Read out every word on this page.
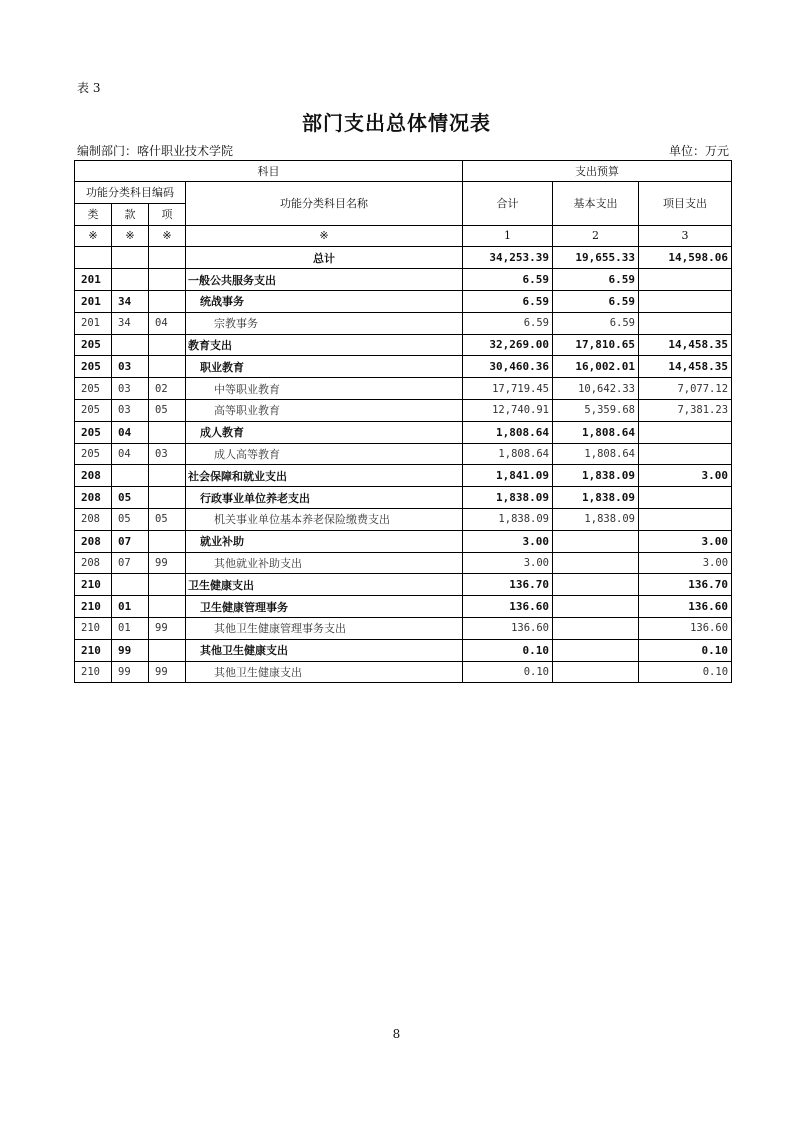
表 3
部门支出总体情况表
编制部门：喀什职业技术学院	单位：万元
科目				支出预算		
功能分类科目编码			功能分类科目名称	合计	基本支出	项目支出
类	款	项				
※	※	※	※	1	2	3
			总计	34,253.39	19,655.33	14,598.06
201			一般公共服务支出	6.59	6.59	
201	34		统战事务	6.59	6.59	
201	34	04	宗教事务	6.59	6.59	
205			教育支出	32,269.00	17,810.65	14,458.35
205	03		职业教育	30,460.36	16,002.01	14,458.35
205	03	02	中等职业教育	17,719.45	10,642.33	7,077.12
205	03	05	高等职业教育	12,740.91	5,359.68	7,381.23
205	04		成人教育	1,808.64	1,808.64	
205	04	03	成人高等教育	1,808.64	1,808.64	
208			社会保障和就业支出	1,841.09	1,838.09	3.00
208	05		行政事业单位养老支出	1,838.09	1,838.09	
208	05	05	机关事业单位基本养老保险缴费支出	1,838.09	1,838.09	
208	07		就业补助	3.00		3.00
208	07	99	其他就业补助支出	3.00		3.00
210			卫生健康支出	136.70		136.70
210	01		卫生健康管理事务	136.60		136.60
210	01	99	其他卫生健康管理事务支出	136.60		136.60
210	99		其他卫生健康支出	0.10		0.10
210	99	99	其他卫生健康支出	0.10		0.10
8
